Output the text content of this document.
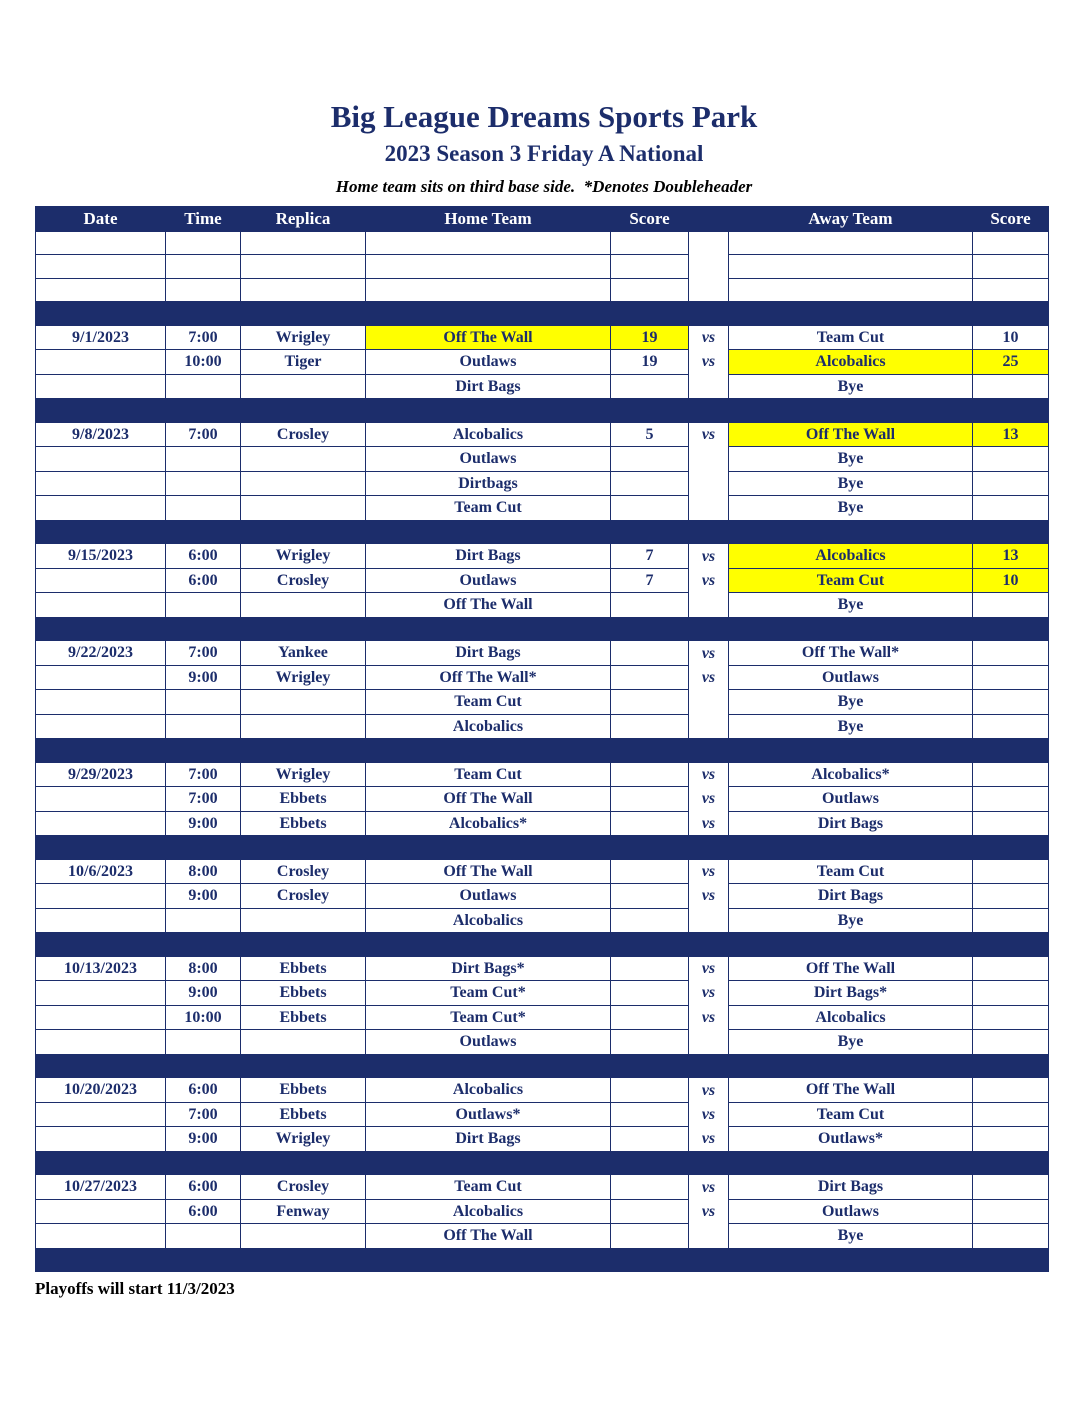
Big League Dreams Sports Park
2023 Season 3 Friday A National
Home team sits on third base side.  *Denotes Doubleheader
Date	Time	Replica	Home Team	Score		Away Team	Score

9/1/2023	7:00	Wrigley	Off The Wall	19	vs	Team Cut	10
	10:00	Tiger	Outlaws	19	vs	Alcobalics	25
			Dirt Bags			Bye	

9/8/2023	7:00	Crosley	Alcobalics	5	vs	Off The Wall	13
			Outlaws			Bye	
			Dirtbags			Bye	
			Team Cut			Bye	

9/15/2023	6:00	Wrigley	Dirt Bags	7	vs	Alcobalics	13
	6:00	Crosley	Outlaws	7	vs	Team Cut	10
			Off The Wall			Bye	

9/22/2023	7:00	Yankee	Dirt Bags		vs	Off The Wall*	
	9:00	Wrigley	Off The Wall*		vs	Outlaws	
			Team Cut			Bye	
			Alcobalics			Bye	

9/29/2023	7:00	Wrigley	Team Cut		vs	Alcobalics*	
	7:00	Ebbets	Off The Wall		vs	Outlaws	
	9:00	Ebbets	Alcobalics*		vs	Dirt Bags	

10/6/2023	8:00	Crosley	Off The Wall		vs	Team Cut	
	9:00	Crosley	Outlaws		vs	Dirt Bags	
			Alcobalics			Bye	

10/13/2023	8:00	Ebbets	Dirt Bags*		vs	Off The Wall	
	9:00	Ebbets	Team Cut*		vs	Dirt Bags*	
	10:00	Ebbets	Team Cut*		vs	Alcobalics	
			Outlaws			Bye	

10/20/2023	6:00	Ebbets	Alcobalics		vs	Off The Wall	
	7:00	Ebbets	Outlaws*		vs	Team Cut	
	9:00	Wrigley	Dirt Bags		vs	Outlaws*	

10/27/2023	6:00	Crosley	Team Cut		vs	Dirt Bags	
	6:00	Fenway	Alcobalics		vs	Outlaws	
			Off The Wall			Bye	

Playoffs will start 11/3/2023
